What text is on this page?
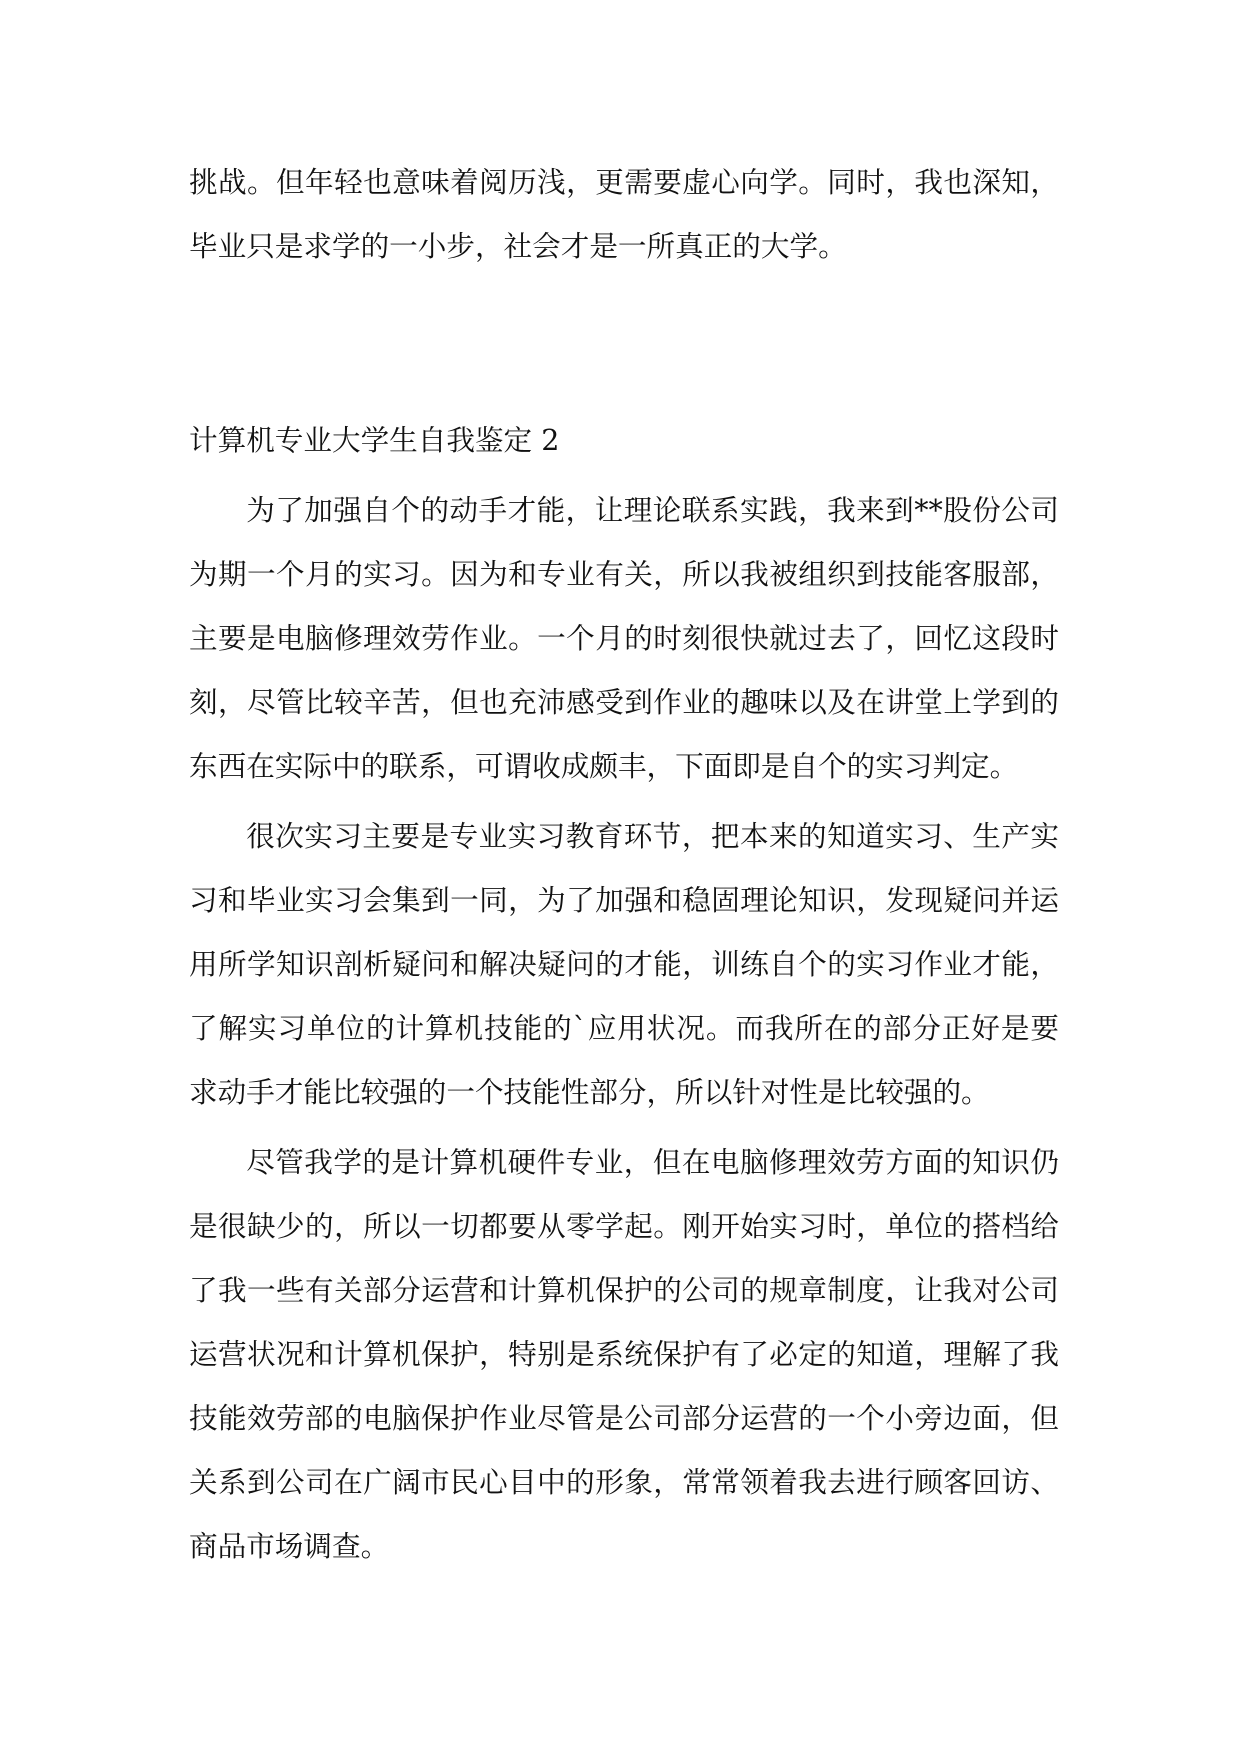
挑战。但年轻也意味着阅历浅，更需要虚心向学。同时，我也深知，毕业只是求学的一小步，社会才是一所真正的大学。

计算机专业大学生自我鉴定 2

为了加强自个的动手才能，让理论联系实践，我来到**股份公司为期一个月的实习。因为和专业有关，所以我被组织到技能客服部，主要是电脑修理效劳作业。一个月的时刻很快就过去了，回忆这段时刻，尽管比较辛苦，但也充沛感受到作业的趣味以及在讲堂上学到的东西在实际中的联系，可谓收成颇丰，下面即是自个的实习判定。

很次实习主要是专业实习教育环节，把本来的知道实习、生产实习和毕业实习会集到一同，为了加强和稳固理论知识，发现疑问并运用所学知识剖析疑问和解决疑问的才能，训练自个的实习作业才能，了解实习单位的计算机技能的`应用状况。而我所在的部分正好是要求动手才能比较强的一个技能性部分，所以针对性是比较强的。

尽管我学的是计算机硬件专业，但在电脑修理效劳方面的知识仍是很缺少的，所以一切都要从零学起。刚开始实习时，单位的搭档给了我一些有关部分运营和计算机保护的公司的规章制度，让我对公司运营状况和计算机保护，特别是系统保护有了必定的知道，理解了我技能效劳部的电脑保护作业尽管是公司部分运营的一个小旁边面，但关系到公司在广阔市民心目中的形象，常常领着我去进行顾客回访、商品市场调查。
